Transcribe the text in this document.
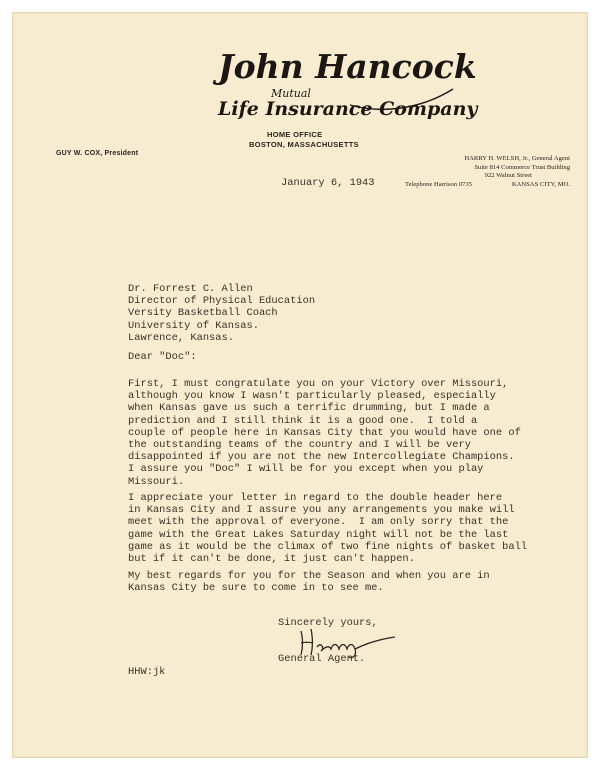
John Hancock
Mutual
Life Insurance Company
HOME OFFICE
BOSTON, MASSACHUSETTS
GUY W. COX, President
HARRY H. WELSH, Jr., General Agent
Suite 814 Commerce Trust Building
922 Walnut Street
Telephone Harrison 0735	KANSAS CITY, MO.
January 6, 1943
Dr. Forrest C. Allen
Director of Physical Education
Versity Basketball Coach
University of Kansas.
Lawrence, Kansas.
Dear "Doc":
First, I must congratulate you on your Victory over Missouri,
although you know I wasn't particularly pleased, especially
when Kansas gave us such a terrific drumming, but I made a
prediction and I still think it is a good one.  I told a
couple of people here in Kansas City that you would have one of
the outstanding teams of the country and I will be very
disappointed if you are not the new Intercollegiate Champions.
I assure you "Doc" I will be for you except when you play
Missouri.
I appreciate your letter in regard to the double header here
in Kansas City and I assure you any arrangements you make will
meet with the approval of everyone.  I am only sorry that the
game with the Great Lakes Saturday night will not be the last
game as it would be the climax of two fine nights of basket ball
but if it can't be done, it just can't happen.
My best regards for you for the Season and when you are in
Kansas City be sure to come in to see me.
Sincerely yours,
General Agent.
HHW:jk
